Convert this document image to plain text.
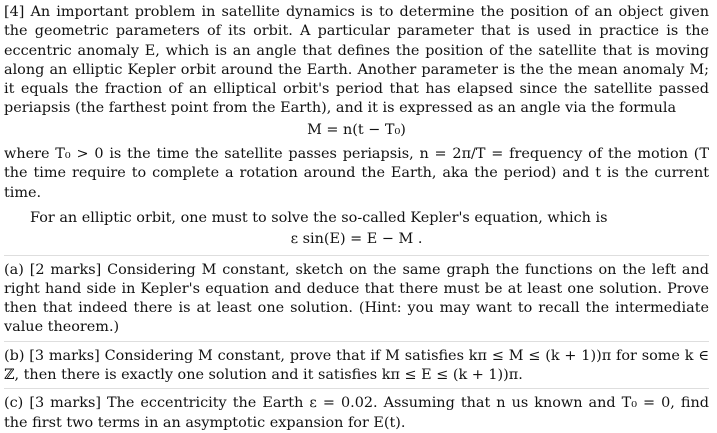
[4] An important problem in satellite dynamics is to determine the position of an object given the geometric parameters of its orbit. A particular parameter that is used in practice is the eccentric anomaly E, which is an angle that defines the position of the satellite that is moving along an elliptic Kepler orbit around the Earth. Another parameter is the the mean anomaly M; it equals the fraction of an elliptical orbit's period that has elapsed since the satellite passed periapsis (the farthest point from the Earth), and it is expressed as an angle via the formula

M = n(t − T₀)

where T₀ > 0 is the time the satellite passes periapsis, n = 2π/T = frequency of the motion (T the time require to complete a rotation around the Earth, aka the period) and t is the current time.

For an elliptic orbit, one must to solve the so-called Kepler's equation, which is

ε sin(E) = E − M .

(a) [2 marks] Considering M constant, sketch on the same graph the functions on the left and right hand side in Kepler's equation and deduce that there must be at least one solution. Prove then that indeed there is at least one solution. (Hint: you may want to recall the intermediate value theorem.)

(b) [3 marks] Considering M constant, prove that if M satisfies kπ ≤ M ≤ (k + 1))π for some k ∈ ℤ, then there is exactly one solution and it satisfies kπ ≤ E ≤ (k + 1))π.

(c) [3 marks] The eccentricity the Earth ε = 0.02. Assuming that n us known and T₀ = 0, find the first two terms in an asymptotic expansion for E(t).
